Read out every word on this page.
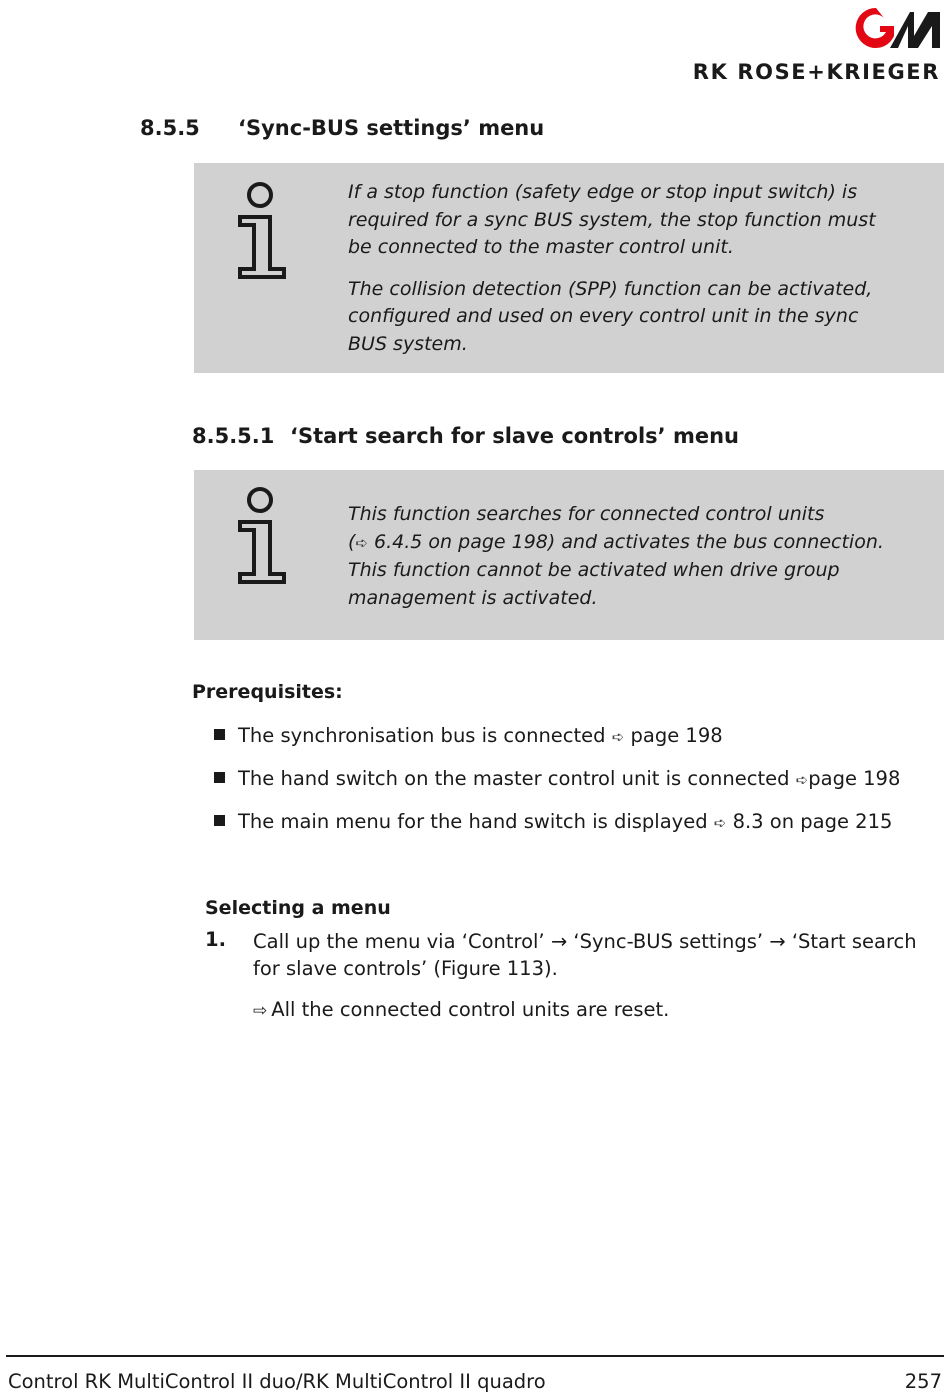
RK ROSE+KRIEGER
8.5.5 ‘Sync-BUS settings’ menu

If a stop function (safety edge or stop input switch) is required for a sync BUS system, the stop function must be connected to the master control unit.

The collision detection (SPP) function can be activated, configured and used on every control unit in the sync BUS system.

8.5.5.1 ‘Start search for slave controls’ menu
This function searches for connected control units
(➪ 6.4.5 on page 198) and activates the bus connection.
This function cannot be activated when drive group management is activated.
Prerequisites:
The synchronisation bus is connected ➪ page 198
The hand switch on the master control unit is connected ➪page 198
The main menu for the hand switch is displayed ➪ 8.3 on page 215
Selecting a menu
1. Call up the menu via ‘Control’ → ‘Sync-BUS settings’ → ‘Start search for slave controls’ (Figure 113).
⇨ All the connected control units are reset.
Control RK MultiControl II duo/RK MultiControl II quadro	257
